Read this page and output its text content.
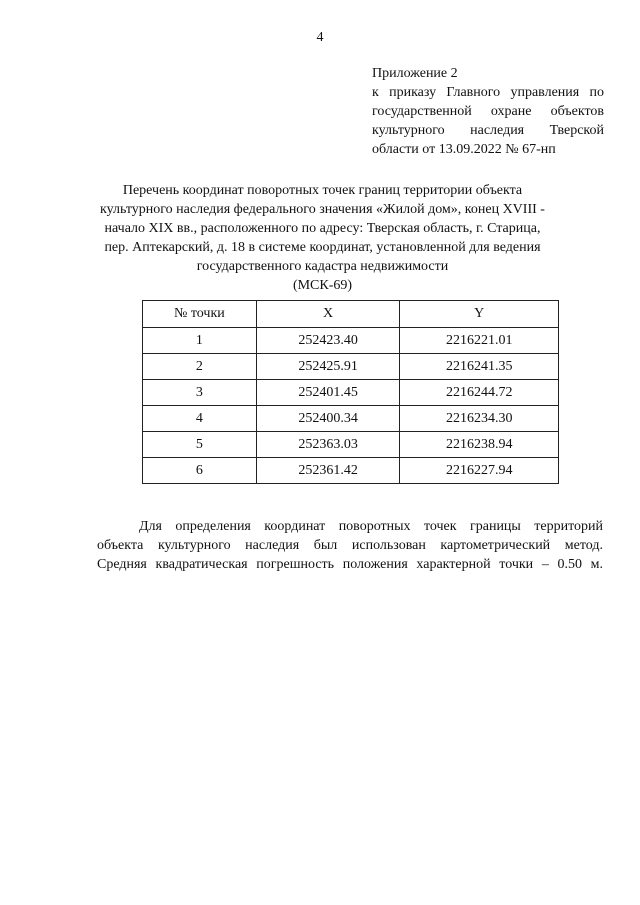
4
Приложение 2
к приказу Главного управления по
государственной охране объектов
культурного наследия Тверской
области от 13.09.2022 № 67-нп
Перечень координат поворотных точек границ территории объекта
культурного наследия федерального значения «Жилой дом», конец XVIII -
начало XIX вв., расположенного по адресу: Тверская область, г. Старица,
пер. Аптекарский, д. 18 в системе координат, установленной для ведения
государственного кадастра недвижимости
(МСК-69)
№ точки	X	Y
1	252423.40	2216221.01
2	252425.91	2216241.35
3	252401.45	2216244.72
4	252400.34	2216234.30
5	252363.03	2216238.94
6	252361.42	2216227.94
Для определения координат поворотных точек границы территорий
объекта культурного наследия был использован картометрический метод.
Средняя квадратическая погрешность положения характерной точки – 0.50 м.
